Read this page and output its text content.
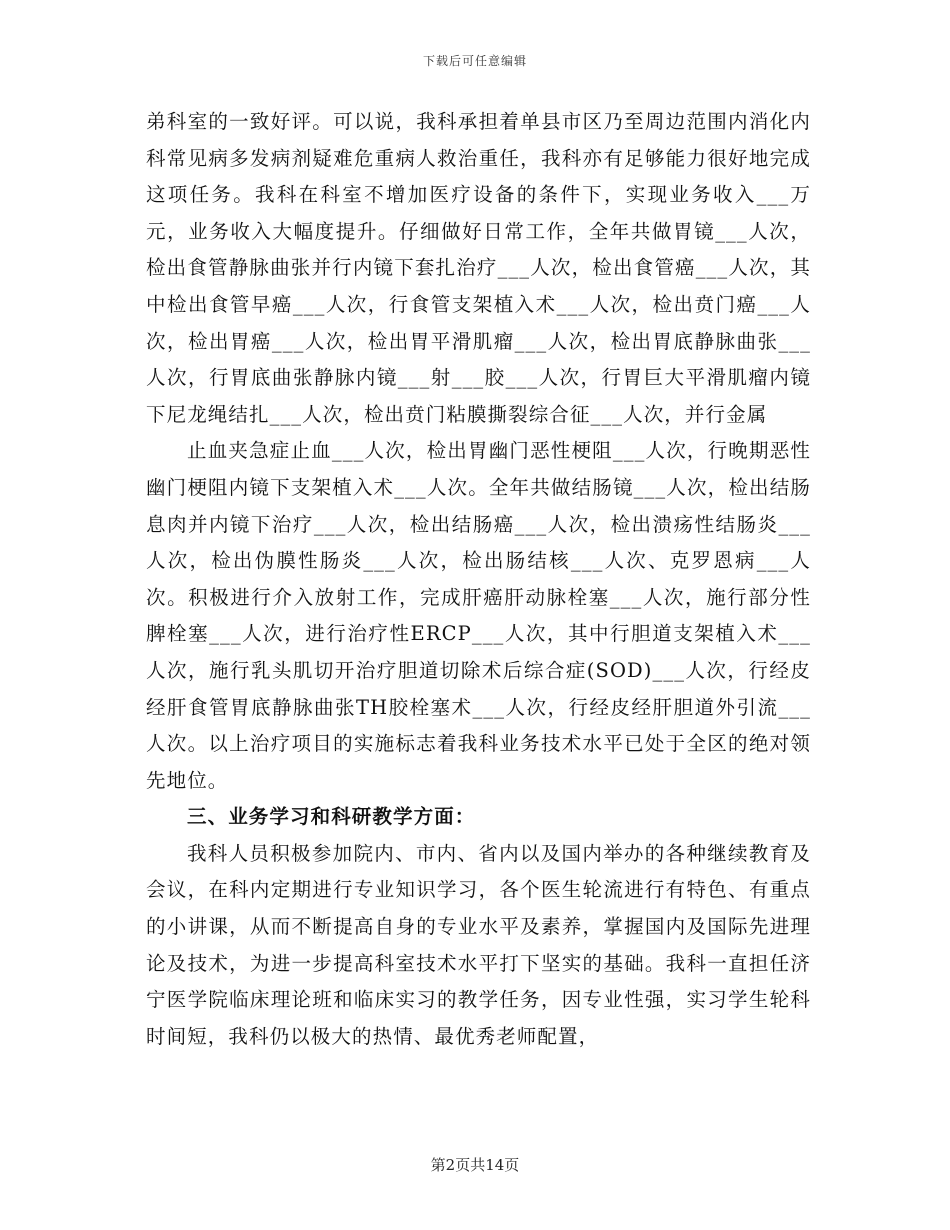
下载后可任意编辑

弟科室的一致好评。可以说，我科承担着单县市区乃至周边范围内消化内科常见病多发病剂疑难危重病人救治重任，我科亦有足够能力很好地完成这项任务。我科在科室不增加医疗设备的条件下，实现业务收入___万元，业务收入大幅度提升。仔细做好日常工作，全年共做胃镜___人次，检出食管静脉曲张并行内镜下套扎治疗___人次，检出食管癌___人次，其中检出食管早癌___人次，行食管支架植入术___人次，检出贲门癌___人次，检出胃癌___人次，检出胃平滑肌瘤___人次，检出胃底静脉曲张___人次，行胃底曲张静脉内镜___射___胶___人次，行胃巨大平滑肌瘤内镜下尼龙绳结扎___人次，检出贲门粘膜撕裂综合征___人次，并行金属

止血夹急症止血___人次，检出胃幽门恶性梗阻___人次，行晚期恶性幽门梗阻内镜下支架植入术___人次。全年共做结肠镜___人次，检出结肠息肉并内镜下治疗___人次，检出结肠癌___人次，检出溃疡性结肠炎___人次，检出伪膜性肠炎___人次，检出肠结核___人次、克罗恩病___人次。积极进行介入放射工作，完成肝癌肝动脉栓塞___人次，施行部分性脾栓塞___人次，进行治疗性ERCP___人次，其中行胆道支架植入术___人次，施行乳头肌切开治疗胆道切除术后综合症(SOD)___人次，行经皮经肝食管胃底静脉曲张TH胶栓塞术___人次，行经皮经肝胆道外引流___人次。以上治疗项目的实施标志着我科业务技术水平已处于全区的绝对领先地位。

三、业务学习和科研教学方面：

我科人员积极参加院内、市内、省内以及国内举办的各种继续教育及会议，在科内定期进行专业知识学习，各个医生轮流进行有特色、有重点的小讲课，从而不断提高自身的专业水平及素养，掌握国内及国际先进理论及技术，为进一步提高科室技术水平打下坚实的基础。我科一直担任济宁医学院临床理论班和临床实习的教学任务，因专业性强，实习学生轮科时间短，我科仍以极大的热情、最优秀老师配置，

第2页共14页
